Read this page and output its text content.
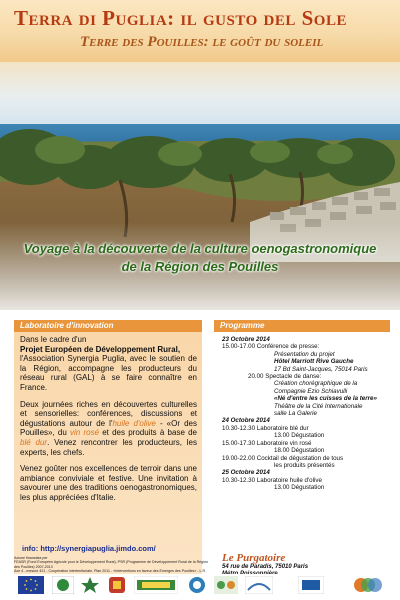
Terra di Puglia: il gusto del Sole
Terre des Pouilles: le goût du soleil
Voyage à la découverte de la culture oenogastronomique
de la Région des Pouilles
Laboratoire d'innovation	Programme

Dans le cadre d'un
Projet Européen de Développement Rural,
l'Association Synergia Puglia, avec le soutien de la Région, accompagne les producteurs du réseau rural (GAL) à se faire connaître en France.

Deux journées riches en découvertes culturelles et sensorielles: conférences, discussions et dégustations autour de l'huile d'olive - «Or des Pouilles», du vin rosé et des produits à base de blé dur. Venez rencontrer les producteurs, les experts, les chefs.

Venez goûter nos excellences de terroir dans une ambiance conviviale et festive. Une invitation à savourer une des traditions oenogastronomiques, les plus appréciées d'Italie.

info: http://synergiapuglia.jimdo.com/
23 Octobre 2014
15.00-17.00 Conférence de presse:
Présentation du projet
Hôtel Marriott Rive Gauche
17 Bd Saint-Jacques, 75014 Paris
20.00 Spectacle de danse:
Création chorégraphique de la
Compagnie Ezio Schiavulli
«Né d'entre les cuisses de la terre»
Théâtre de la Cité Internationale
salle La Galerie
24 Octobre 2014
10.30-12.30 Laboratoire blé dur
13.00 Dégustation
15.00-17.30 Laboratoire vin rosé
18.00 Dégustation
19.00-22.00 Cocktail de dégustation de tous
les produits présentés
25 Octobre 2014
10.30-12.30 Laboratoire huile d'olive
13.00 Dégustation
Le Purgatoire
54 rue de Paradis, 75010 Paris
Azione finanziata per
FEASR (Fond Européen Agricole pour le Développement Rural), PSR (Programme de Développement Rural de la Région des Pouilles) 2007-2013
Axe 4 - mesure 421 - Coopération interterritoriale. Plan 2011 - «Interventions en faveur des Emerges des Pouilles» - L.R.
